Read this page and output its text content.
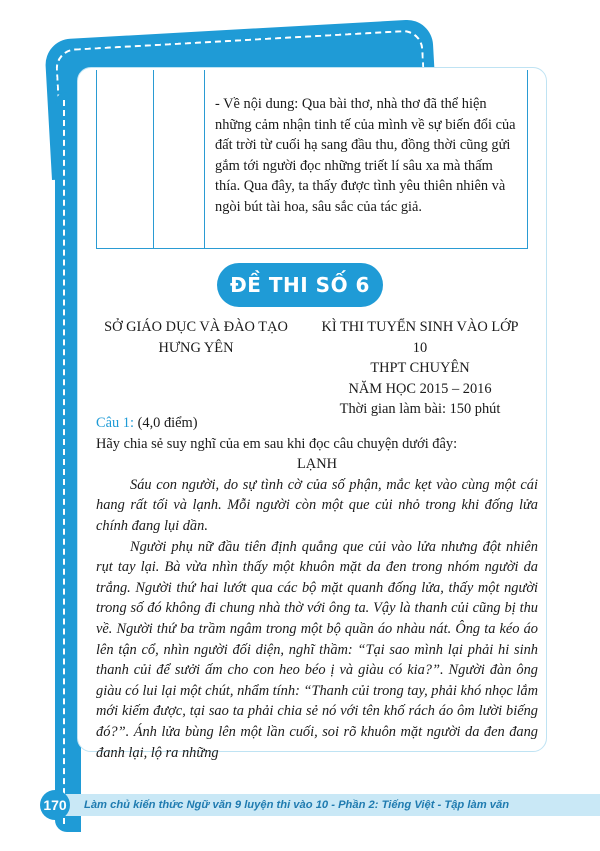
- Về nội dung: Qua bài thơ, nhà thơ đã thể hiện những cảm nhận tinh tế của mình về sự biến đổi của đất trời từ cuối hạ sang đầu thu, đồng thời cũng gửi gắm tới người đọc những triết lí sâu xa mà thấm thía. Qua đây, ta thấy được tình yêu thiên nhiên và ngòi bút tài hoa, sâu sắc của tác giả.
ĐỀ THI SỐ 6
SỞ GIÁO DỤC VÀ ĐÀO TẠO
HƯNG YÊN
KÌ THI TUYỂN SINH VÀO LỚP 10
THPT CHUYÊN
NĂM HỌC 2015 – 2016
Thời gian làm bài: 150 phút

Câu 1: (4,0 điểm)

Hãy chia sẻ suy nghĩ của em sau khi đọc câu chuyện dưới đây:

LẠNH

Sáu con người, do sự tình cờ của số phận, mắc kẹt vào cùng một cái hang rất tối và lạnh. Mỗi người còn một que củi nhỏ trong khi đống lửa chính đang lụi dần.

Người phụ nữ đầu tiên định quẳng que củi vào lửa nhưng đột nhiên rụt tay lại. Bà vừa nhìn thấy một khuôn mặt da đen trong nhóm người da trắng. Người thứ hai lướt qua các bộ mặt quanh đống lửa, thấy một người trong số đó không đi chung nhà thờ với ông ta. Vậy là thanh củi cũng bị thu về. Người thứ ba trầm ngâm trong một bộ quần áo nhàu nát. Ông ta kéo áo lên tận cổ, nhìn người đối diện, nghĩ thầm: “Tại sao mình lại phải hi sinh thanh củi để sưởi ấm cho con heo béo ị và giàu có kia?”. Người đàn ông giàu có lui lại một chút, nhẩm tính: “Thanh củi trong tay, phải khó nhọc lắm mới kiếm được, tại sao ta phải chia sẻ nó với tên khố rách áo ôm lười biếng đó?”. Ánh lửa bùng lên một lần cuối, soi rõ khuôn mặt người da đen đang đanh lại, lộ ra những

170 Làm chủ kiến thức Ngữ văn 9 luyện thi vào 10 - Phần 2: Tiếng Việt - Tập làm văn
